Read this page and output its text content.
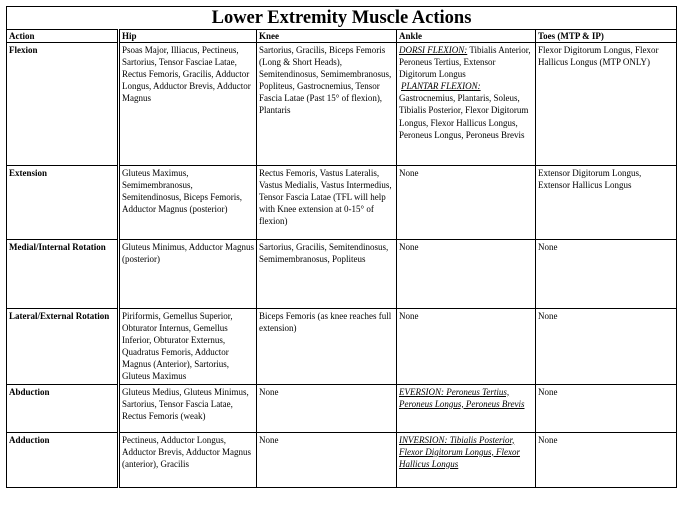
Lower Extremity Muscle Actions				
Action	Hip	Knee	Ankle	Toes (MTP & IP)
Flexion	Psoas Major, Illiacus, Pectineus, Sartorius, Tensor Fasciae Latae, Rectus Femoris, Gracilis, Adductor Longus, Adductor Brevis, Adductor Magnus	Sartorius, Gracilis, Biceps Femoris (Long & Short Heads), Semitendinosus, Semimembranosus, Popliteus, Gastrocnemius, Tensor Fascia Latae (Past 15° of flexion), Plantaris	DORSI FLEXION: Tibialis Anterior, Peroneus Tertius, Extensor Digitorum Longus
PLANTAR FLEXION:
Gastrocnemius, Plantaris, Soleus, Tibialis Posterior, Flexor Digitorum Longus, Flexor Hallicus Longus, Peroneus Longus, Peroneus Brevis	Flexor Digitorum Longus, Flexor Hallicus Longus (MTP ONLY)
Extension	Gluteus Maximus, Semimembranosus, Semitendinosus, Biceps Femoris, Adductor Magnus (posterior)	Rectus Femoris, Vastus Lateralis, Vastus Medialis, Vastus Intermedius, Tensor Fascia Latae (TFL will help with Knee extension at 0-15° of flexion)	None	Extensor Digitorum Longus, Extensor Hallicus Longus
Medial/Internal Rotation	Gluteus Minimus, Adductor Magnus (posterior)	Sartorius, Gracilis, Semitendinosus, Semimembranosus, Popliteus	None	None
Lateral/External Rotation	Piriformis, Gemellus Superior, Obturator Internus, Gemellus Inferior, Obturator Externus, Quadratus Femoris, Adductor Magnus (Anterior), Sartorius, Gluteus Maximus	Biceps Femoris (as knee reaches full extension)	None	None
Abduction	Gluteus Medius, Gluteus Minimus, Sartorius, Tensor Fascia Latae, Rectus Femoris (weak)	None	EVERSION: Peroneus Tertius, Peroneus Longus, Peroneus Brevis	None
Adduction	Pectineus, Adductor Longus, Adductor Brevis, Adductor Magnus (anterior), Gracilis	None	INVERSION: Tibialis Posterior, Flexor Digitorum Longus, Flexor Hallicus Longus	None
